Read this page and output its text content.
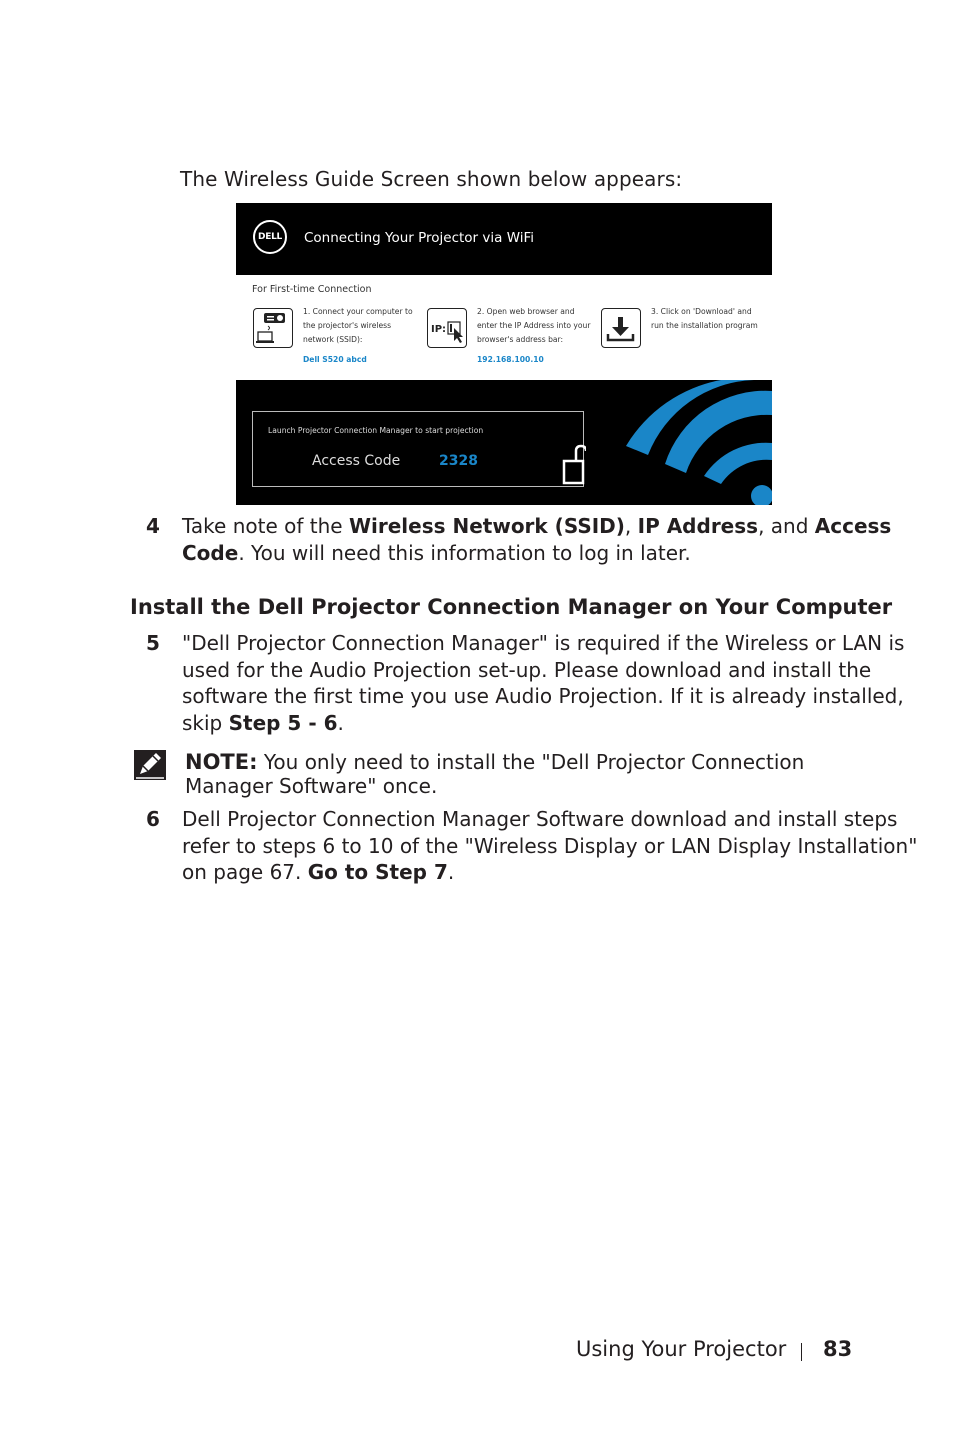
The Wireless Guide Screen shown below appears:
DELL	Connecting Your Projector via WiFi
For First-time Connection
1. Connect your computer to
the projector's wireless
network (SSID):
Dell S520 abcd
IP:
2. Open web browser and
enter the IP Address into your
browser's address bar:
192.168.100.10
3. Click on 'Download' and
run the installation program
Launch Projector Connection Manager to start projection
Access Code	2328
4 Take note of the Wireless Network (SSID), IP Address, and Access
Code. You will need this information to log in later.
Install the Dell Projector Connection Manager on Your Computer
5 "Dell Projector Connection Manager" is required if the Wireless or LAN is
used for the Audio Projection set-up. Please download and install the
software the first time you use Audio Projection. If it is already installed,
skip Step 5 - 6.
NOTE: You only need to install the "Dell Projector Connection
Manager Software" once.
6 Dell Projector Connection Manager Software download and install steps
refer to steps 6 to 10 of the "Wireless Display or LAN Display Installation"
on page 67. Go to Step 7.
Using Your Projector 83
